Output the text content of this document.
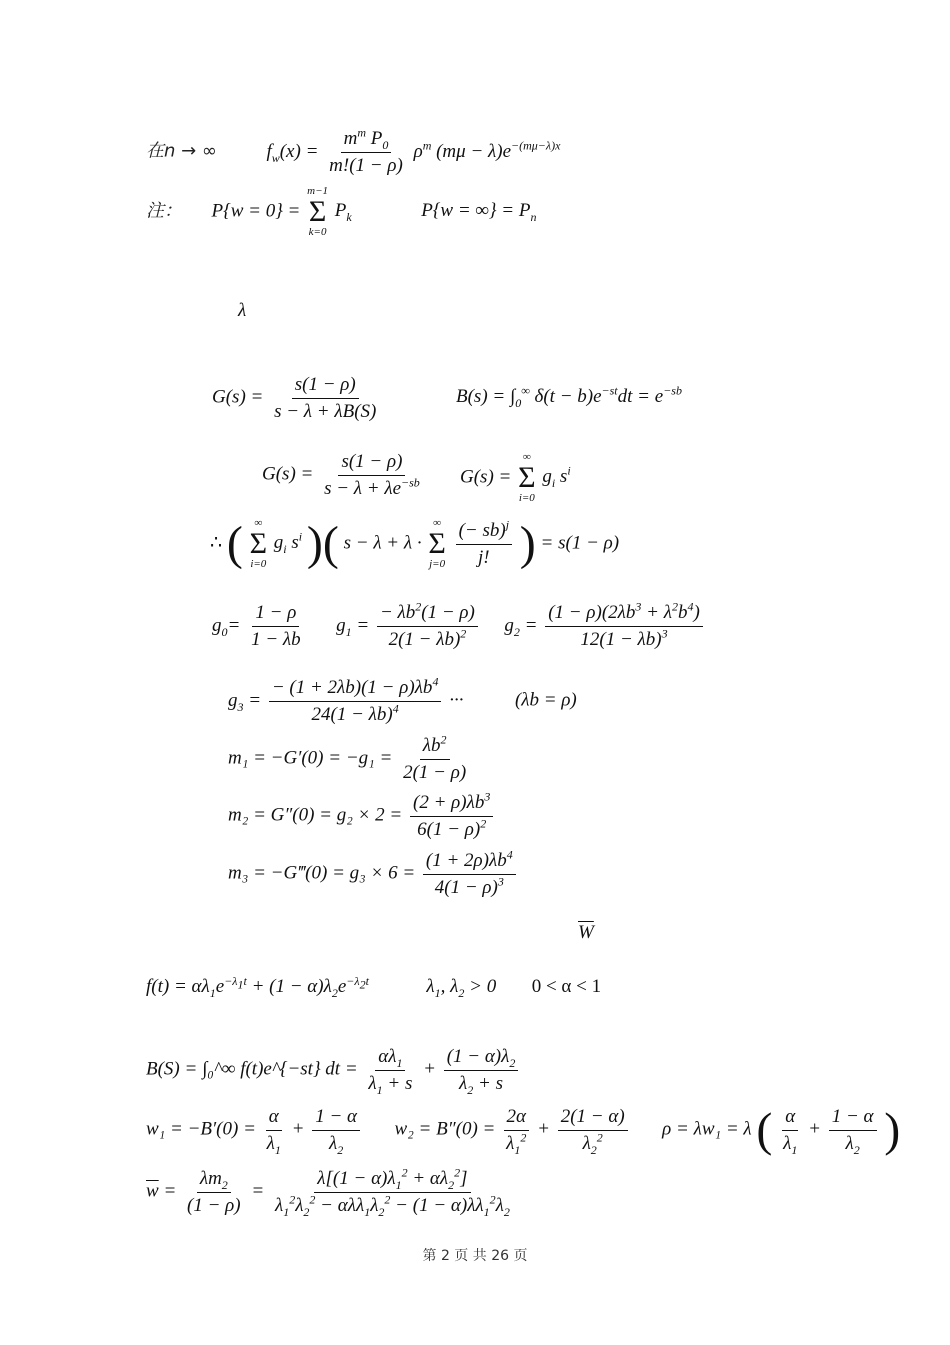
在n → ∞	$f_w(x) = \frac{m^m P_0}{m!(1 - \rho)} \rho^m$ $(m\mu - \lambda)e^{-(m\mu-\lambda)x}$
注： P{w = 0} =
m−1
Σ
k=0
$P_k$	P{w = ∞} = $P_n$
λ
$G(s) = \frac{s(1 - \rho)}{s - \lambda + \lambda B(S)}$	$B(s) = \int_0^\infty$ $\delta(t - b)e^{-st}dt = e^{-sb}$
$G(s) = \frac{s(1 - \rho)}{s - \lambda + \lambda e^{-sb}} G(s)$ =
∞
Σ
i=0
$g_i$ $s^i$
∴ ( ∞
Σ
i=0
$g_i$ $s^i$ )( s − λ + λ ·
∞
Σ
j=0
$\frac{(- sb)^j}{j!}$ ) = s(1 − ρ)
$g_0= \frac{1 - \rho}{1 - \lambda b} g_1 = \frac{- \lambda b^2(1 - \rho)}{2(1 - \lambda b)^2} g_2 = \frac{(1 - \rho)(2\lambda b^3 + \lambda^2b^4)}{12(1 - \lambda b)^3}$
$g_3 = \frac{- (1 + 2\lambda b)(1 - \rho)\lambda b^4}{24(1 - \lambda b)^4}$ ···	(λb = ρ)
$m_1 = -G'(0) = -g_1 = \frac{\lambda b^2}{2(1 - \rho)}$
$m_2 = G''(0) = g_2 \times 2 = \frac{(2 + \rho)\lambda b^3}{6(1 - \rho)^2}$
m₃ = −G‴(0) = $g_3 \times 6 = \frac{(1 + 2\rho)\lambda b^4}{4(1 - \rho)^3}$
$\overline{W}$
$f(t) = \alpha\lambda_1e^{-\lambda_1t} + (1 - \alpha)\lambda_2e^{-\lambda_2t}$	$\lambda_1$, $\lambda_2 > 0$ 0 < α < 1
B(S) = ∫₀^∞ f(t)e^{−st} dt = $\frac{\alpha\lambda_1}{\lambda_1 + s} + \frac{(1 - \alpha)\lambda_2}{\lambda_2 + s}$
$w_1 = -B'(0) = \frac{\alpha}{\lambda_1} + \frac{1 - \alpha}{\lambda_2} w_2 = B''(0) = \frac{2\alpha}{\lambda_1^2} + \frac{2(1 - \alpha)}{\lambda_2^2}$ ρ = λw₁ = λ ( $\frac{\alpha}{\lambda_1} + \frac{1 - \alpha}{\lambda_2}$ )
$\overline{w} = \frac{\lambda m_2}{(1 - \rho)} = \frac{\lambda[(1 - \alpha)\lambda_1^2 + \alpha\lambda_2^2]}{\lambda_1^2\lambda_2^2 - \alpha\lambda\lambda_1\lambda_2^2 - (1 - \alpha)\lambda\lambda_1^2\lambda_2}$
第 2 页 共 26 页
